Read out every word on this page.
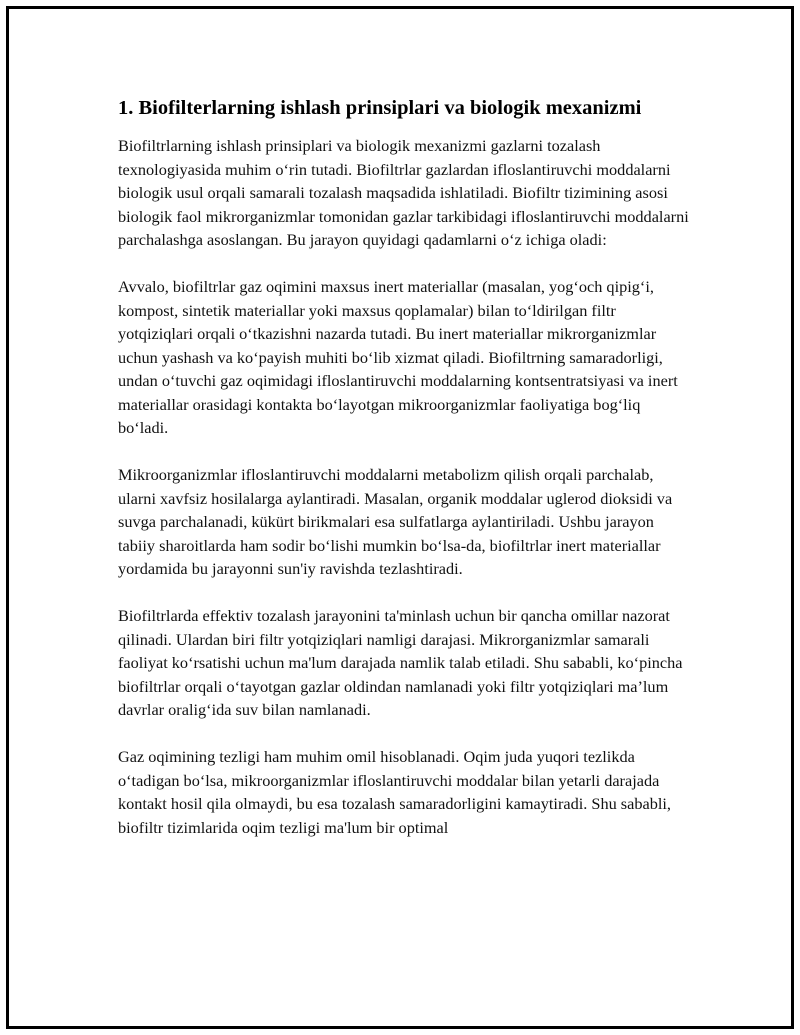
1. Biofilterlarning ishlash prinsiplari va biologik mexanizmi

Biofiltrlarning ishlash prinsiplari va biologik mexanizmi gazlarni tozalash texnologiyasida muhim oʻrin tutadi. Biofiltrlar gazlardan ifloslantiruvchi moddalarni biologik usul orqali samarali tozalash maqsadida ishlatiladi. Biofiltr tizimining asosi biologik faol mikrorganizmlar tomonidan gazlar tarkibidagi ifloslantiruvchi moddalarni parchalashga asoslangan. Bu jarayon quyidagi qadamlarni oʻz ichiga oladi:

Avvalo, biofiltrlar gaz oqimini maxsus inert materiallar (masalan, yogʻoch qipigʻi, kompost, sintetik materiallar yoki maxsus qoplamalar) bilan toʻldirilgan filtr yotqiziqlari orqali oʻtkazishni nazarda tutadi. Bu inert materiallar mikrorganizmlar uchun yashash va koʻpayish muhiti boʻlib xizmat qiladi. Biofiltrning samaradorligi, undan oʻtuvchi gaz oqimidagi ifloslantiruvchi moddalarning kontsentratsiyasi va inert materiallar orasidagi kontakta boʻlayotgan mikroorganizmlar faoliyatiga bogʻliq boʻladi.

Mikroorganizmlar ifloslantiruvchi moddalarni metabolizm qilish orqali parchalab, ularni xavfsiz hosilalarga aylantiradi. Masalan, organik moddalar uglerod dioksidi va suvga parchalanadi, kükürt birikmalari esa sulfatlarga aylantiriladi. Ushbu jarayon tabiiy sharoitlarda ham sodir boʻlishi mumkin boʻlsa-da, biofiltrlar inert materiallar yordamida bu jarayonni sun'iy ravishda tezlashtiradi.

Biofiltrlarda effektiv tozalash jarayonini ta'minlash uchun bir qancha omillar nazorat qilinadi. Ulardan biri filtr yotqiziqlari namligi darajasi. Mikrorganizmlar samarali faoliyat koʻrsatishi uchun ma'lum darajada namlik talab etiladi. Shu sababli, koʻpincha biofiltrlar orqali oʻtayotgan gazlar oldindan namlanadi yoki filtr yotqiziqlari ma’lum davrlar oraligʻida suv bilan namlanadi.

Gaz oqimining tezligi ham muhim omil hisoblanadi. Oqim juda yuqori tezlikda oʻtadigan boʻlsa, mikroorganizmlar ifloslantiruvchi moddalar bilan yetarli darajada kontakt hosil qila olmaydi, bu esa tozalash samaradorligini kamaytiradi. Shu sababli, biofiltr tizimlarida oqim tezligi ma'lum bir optimal
